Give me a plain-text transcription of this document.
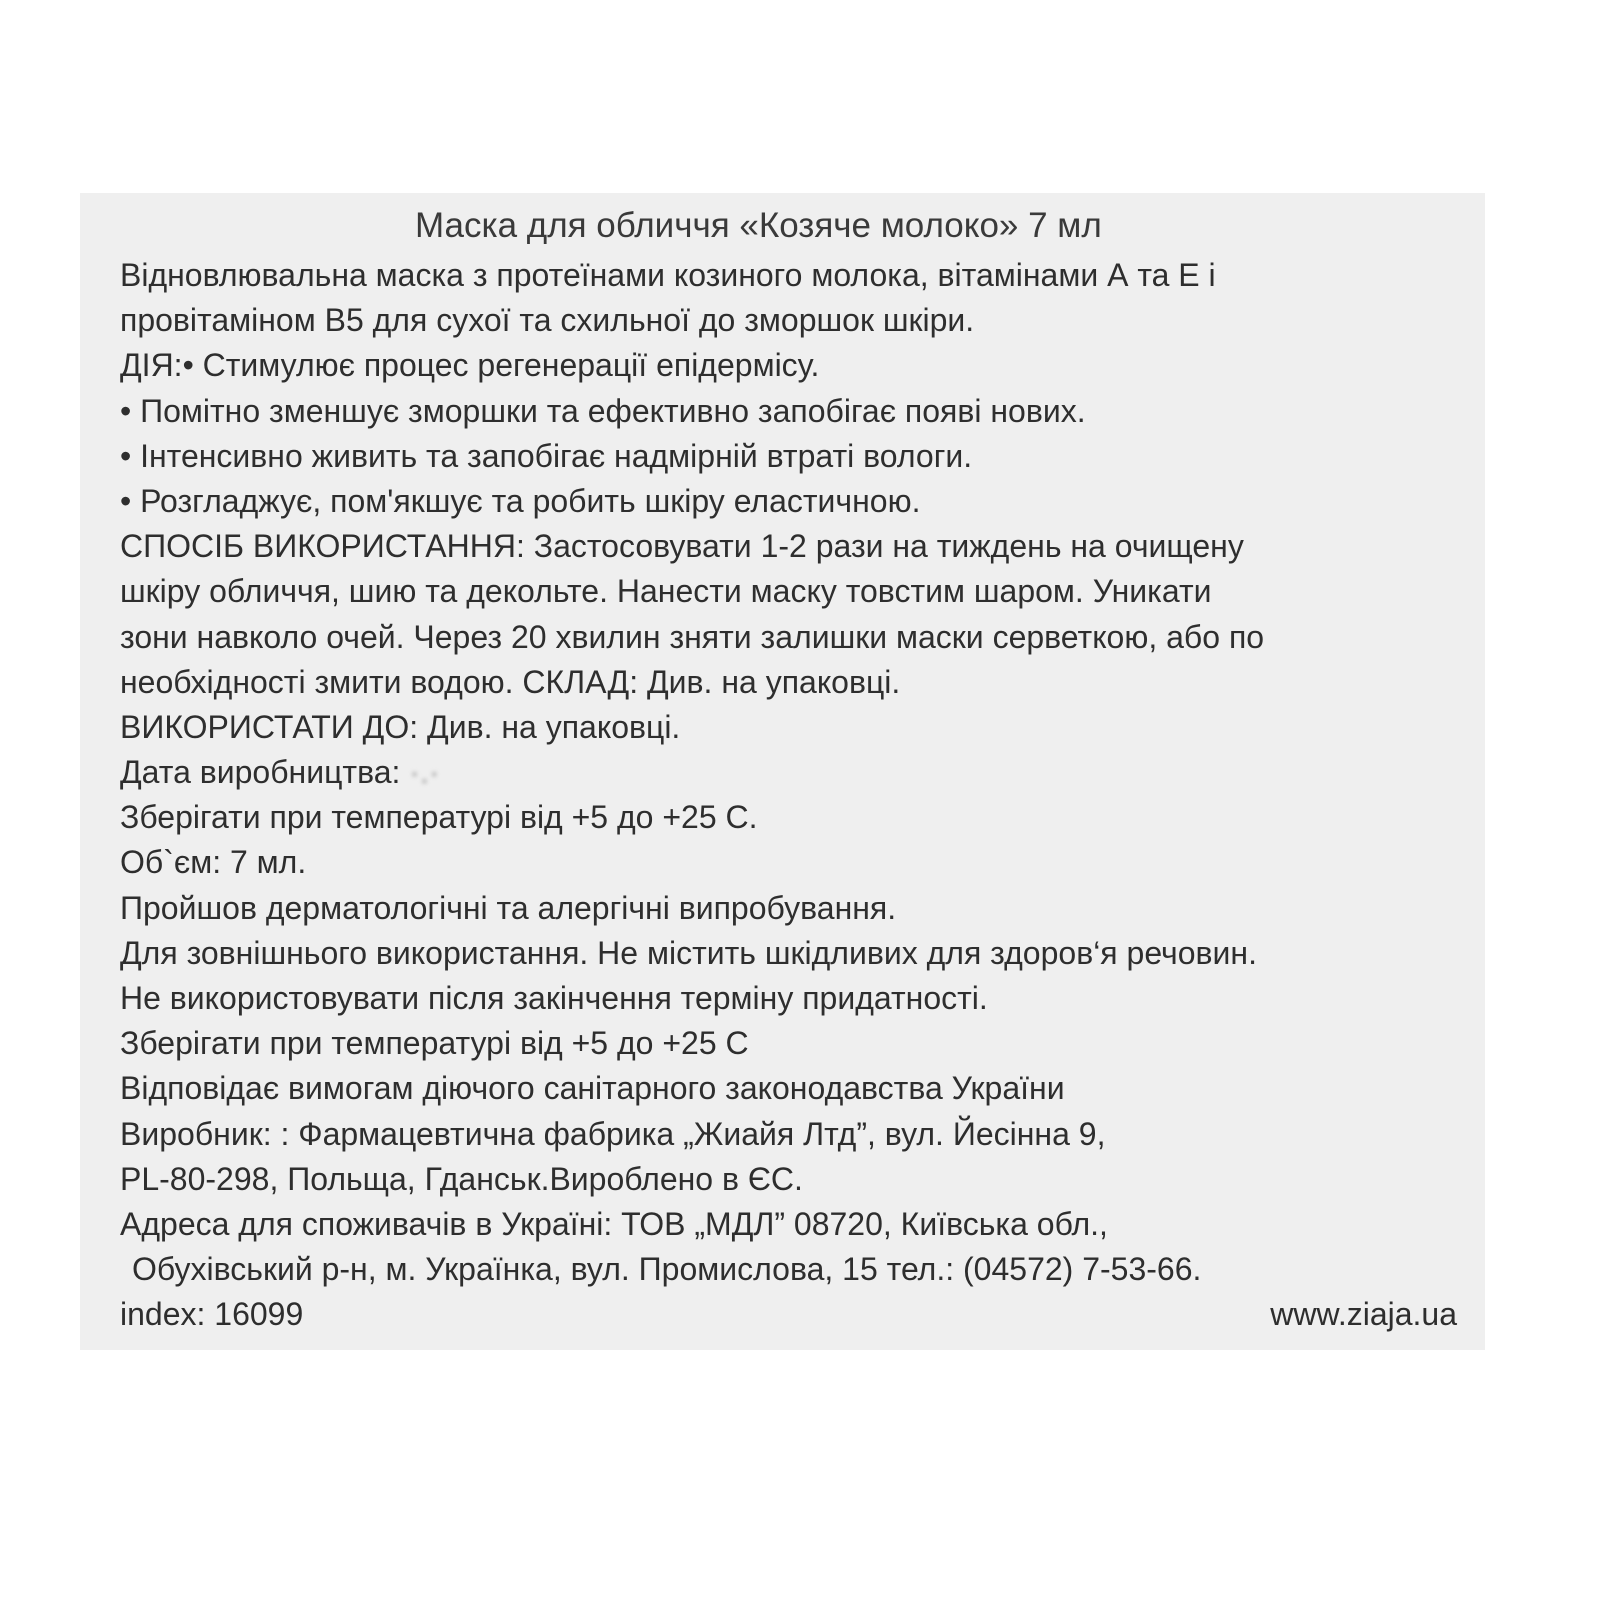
Маска для обличчя «Козяче молоко» 7 мл
Відновлювальна маска з протеїнами козиного молока, вітамінами А та Е і
провітаміном В5 для сухої та схильної до зморшок шкіри.
ДІЯ:• Стимулює процес регенерації епідермісу.
• Помітно зменшує зморшки та ефективно запобігає появі нових.
• Інтенсивно живить та запобігає надмірній втраті вологи.
• Розгладжує, пом'якшує та робить шкіру еластичною.
СПОСІБ ВИКОРИСТАННЯ: Застосовувати 1-2 рази на тиждень на очищену
шкіру обличчя, шию та декольте. Нанести маску товстим шаром. Уникати
зони навколо очей. Через 20 хвилин зняти залишки маски серветкою, або по
необхідності змити водою. СКЛАД: Див. на упаковці.
ВИКОРИСТАТИ ДО: Див. на упаковці.
Дата виробництва: ·.·
Зберігати при температурі від +5 до +25 С.
Об`єм: 7 мл.
Пройшов дерматологічні та алергічні випробування.
Для зовнішнього використання. Не містить шкідливих для здоров‘я речовин.
Не використовувати після закінчення терміну придатності.
Зберігати при температурі від +5 до +25 С
Відповідає вимогам діючого санітарного законодавства України
Виробник: : Фармацевтична фабрика „Жиайя Лтд”, вул. Йесінна 9,
PL-80-298, Польща, Гданськ.Вироблено в ЄС.
Адреса для споживачів в Україні: ТОВ „МДЛ” 08720, Київська обл.,
Обухівський р-н, м. Українка, вул. Промислова, 15 тел.: (04572) 7-53-66.
index: 16099	www.ziaja.ua
